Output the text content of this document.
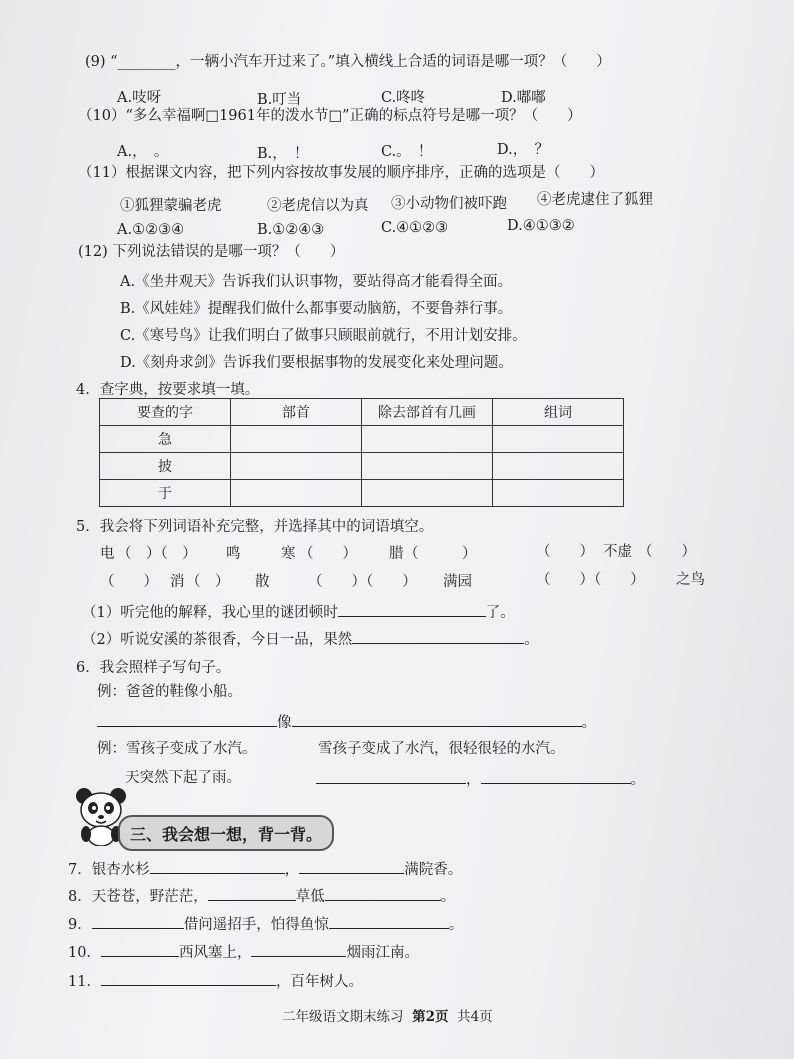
(9) “________，一辆小汽车开过来了。”填入横线上合适的词语是哪一项？（　　）
A.吱呀	B.叮当	C.咚咚	D.嘟嘟
（10）“多么幸福啊□1961年的泼水节□”正确的标点符号是哪一项？（　　）
A.，　。	B.，　！	C.。　！	D.，　？
（11）根据课文内容，把下列内容按故事发展的顺序排序，正确的选项是（　　）
①狐狸蒙骗老虎	②老虎信以为真 ③小动物们被吓跑 ④老虎逮住了狐狸
A.①②③④	B.①②④③	C.④①②③	D.④①③②
(12) 下列说法错误的是哪一项？（　　）
A.《坐井观天》告诉我们认识事物，要站得高才能看得全面。
B.《风娃娃》提醒我们做什么都事要动脑筋，不要鲁莽行事。
C.《寒号鸟》让我们明白了做事只顾眼前就行，不用计划安排。
D.《刻舟求剑》告诉我们要根据事物的发展变化来处理问题。
4．查字典，按要求填一填。
要查的字	部首	除去部首有几画	组词
急			
披			
于			
5．我会将下列词语补充完整，并选择其中的词语填空。
电 （　）（　） 鸣	寒 （　　） 腊 （　　　）	（　　） 不虚 （　　）
（　　） 消 （　） 散	（　　）（　　） 满园	（　　）（　　） 之鸟
（1）听完他的解释，我心里的谜团顿时	了。
（2）听说安溪的茶很香，今日一品，果然	。
6．我会照样子写句子。
例：爸爸的鞋像小船。
像	。
例：雪孩子变成了水汽。	雪孩子变成了水汽，很轻很轻的水汽。
天突然下起了雨。	，	。
三、我会想一想，背一背。
7．银杏水杉	，	满院香。
8．天苍苍，野茫茫，	草低	。
9．	借问遥招手，怕得鱼惊	。
10．	西风塞上，	烟雨江南。
11．	，百年树人。
二年级语文期末练习 第2页 共4页
